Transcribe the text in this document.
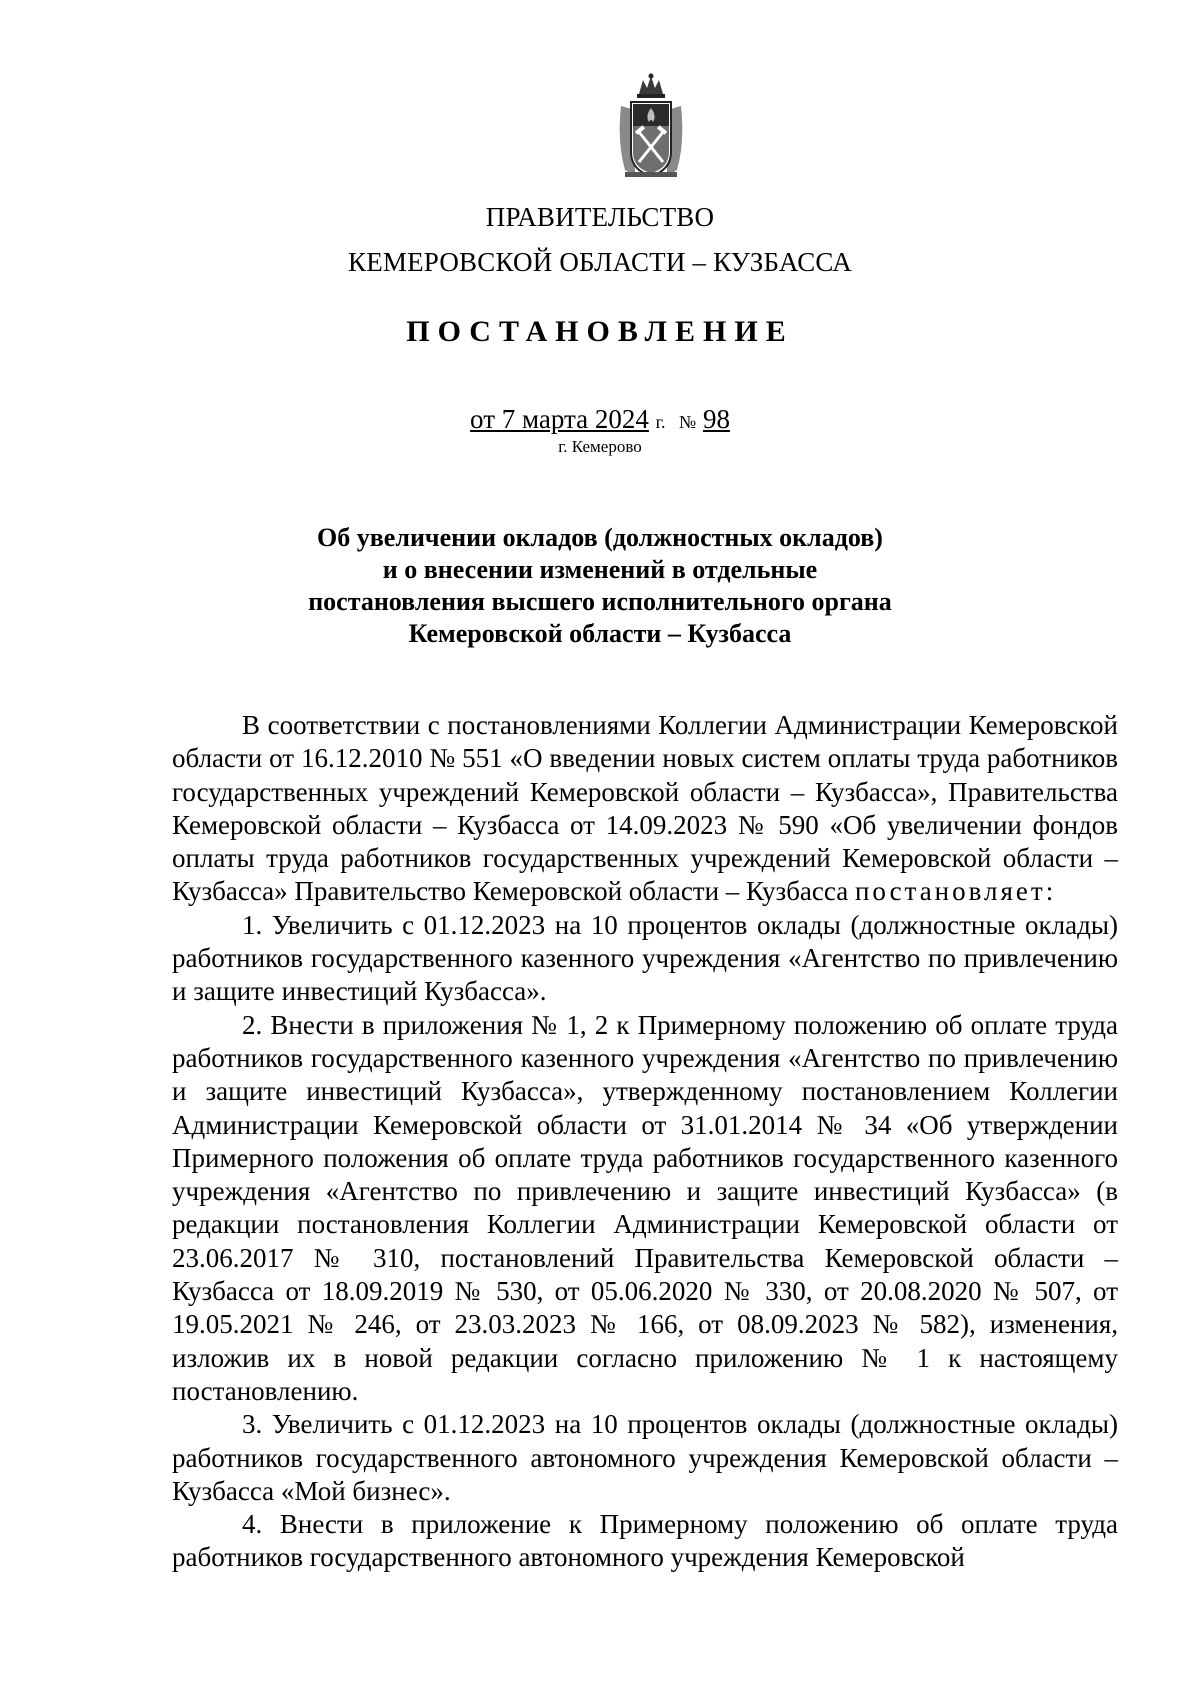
ПРАВИТЕЛЬСТВО
КЕМЕРОВСКОЙ ОБЛАСТИ – КУЗБАССА
ПОСТАНОВЛЕНИЕ
от 7 марта 2024 г. № 98
г. Кемерово
Об увеличении окладов (должностных окладов)
и о внесении изменений в отдельные
постановления высшего исполнительного органа
Кемеровской области – Кузбасса

В соответствии с постановлениями Коллегии Администрации Кемеровской области от 16.12.2010 № 551 «О введении новых систем оплаты труда работников государственных учреждений Кемеровской области – Кузбасса», Правительства Кемеровской области – Кузбасса от 14.09.2023 № 590 «Об увеличении фондов оплаты труда работников государственных учреждений Кемеровской области – Кузбасса» Правительство Кемеровской области – Кузбасса постановляет:

1. Увеличить с 01.12.2023 на 10 процентов оклады (должностные оклады) работников государственного казенного учреждения «Агентство по привлечению и защите инвестиций Кузбасса».

2. Внести в приложения № 1, 2 к Примерному положению об оплате труда работников государственного казенного учреждения «Агентство по привлечению и защите инвестиций Кузбасса», утвержденному постановлением Коллегии Администрации Кемеровской области от 31.01.2014 № 34 «Об утверждении Примерного положения об оплате труда работников государственного казенного учреждения «Агентство по привлечению и защите инвестиций Кузбасса» (в редакции постановления Коллегии Администрации Кемеровской области от 23.06.2017 № 310, постановлений Правительства Кемеровской области – Кузбасса от 18.09.2019 № 530, от 05.06.2020 № 330, от 20.08.2020 № 507, от 19.05.2021 № 246, от 23.03.2023 № 166, от 08.09.2023 № 582), изменения, изложив их в новой редакции согласно приложению № 1 к настоящему постановлению.

3. Увеличить с 01.12.2023 на 10 процентов оклады (должностные оклады) работников государственного автономного учреждения Кемеровской области – Кузбасса «Мой бизнес».

4. Внести в приложение к Примерному положению об оплате труда работников государственного автономного учреждения Кемеровской
